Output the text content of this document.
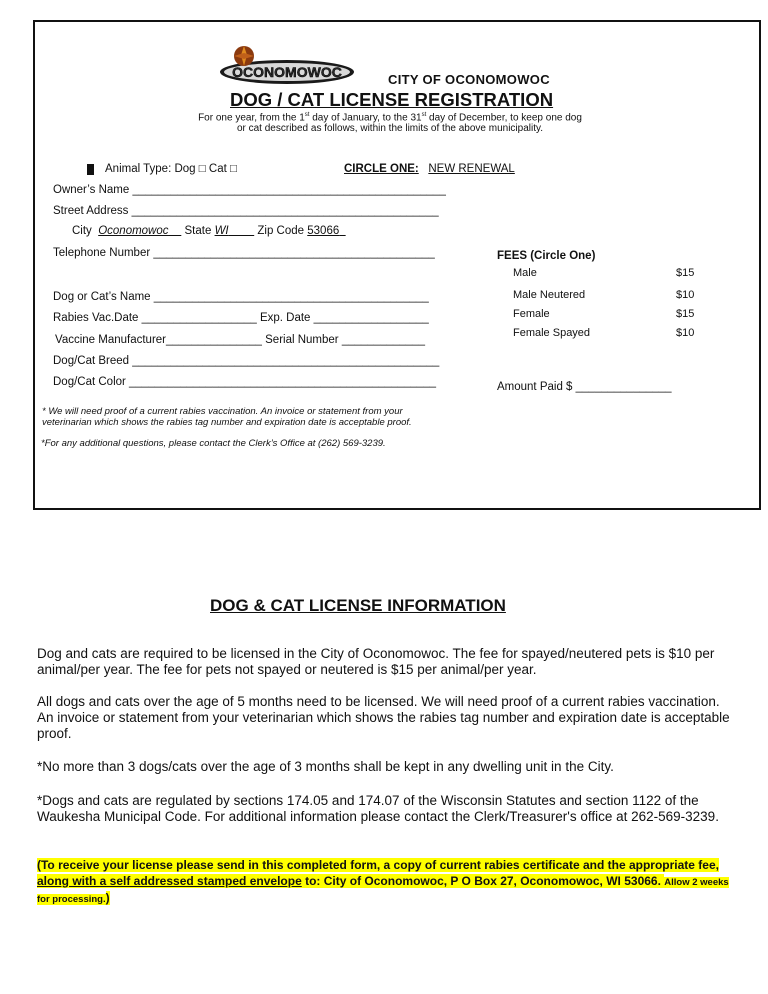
OCONOMOWOC	CITY OF OCONOMOWOC
DOG / CAT LICENSE REGISTRATION
For one year, from the 1st day of January, to the 31st day of December, to keep one dog
or cat described as follows, within the limits of the above municipality.
Animal Type: Dog □ Cat □	CIRCLE ONE: NEW RENEWAL
Owner’s Name _________________________________________________
Street Address ________________________________________________
City Oconomowoc State WI	Zip Code 53066
Telephone Number ____________________________________________
Dog or Cat’s Name ___________________________________________
Rabies Vac.Date __________________ Exp. Date __________________
Vaccine Manufacturer_______________ Serial Number _____________
Dog/Cat Breed ________________________________________________
Dog/Cat Color ________________________________________________
* We will need proof of a current rabies vaccination. An invoice or statement from your
veterinarian which shows the rabies tag number and expiration date is acceptable proof.
*For any additional questions, please contact the Clerk’s Office at (262) 569-3239.
FEES (Circle One)
Male	$15
Male Neutered	$10
Female	$15
Female Spayed	$10
Amount Paid $ _______________
DOG & CAT LICENSE INFORMATION
Dog and cats are required to be licensed in the City of Oconomowoc. The fee for spayed/neutered pets is $10 per animal/per year. The fee for pets not spayed or neutered is $15 per animal/per year.
All dogs and cats over the age of 5 months need to be licensed. We will need proof of a current rabies vaccination. An invoice or statement from your veterinarian which shows the rabies tag number and expiration date is acceptable proof.
*No more than 3 dogs/cats over the age of 3 months shall be kept in any dwelling unit in the City.
*Dogs and cats are regulated by sections 174.05 and 174.07 of the Wisconsin Statutes and section 1122 of the Waukesha Municipal Code. For additional information please contact the Clerk/Treasurer's office at 262-569-3239.
(To receive your license please send in this completed form, a copy of current rabies certificate and the appropriate fee, along with a self addressed stamped envelope to: City of Oconomowoc, P O Box 27, Oconomowoc, WI 53066. Allow 2 weeks for processing.)
